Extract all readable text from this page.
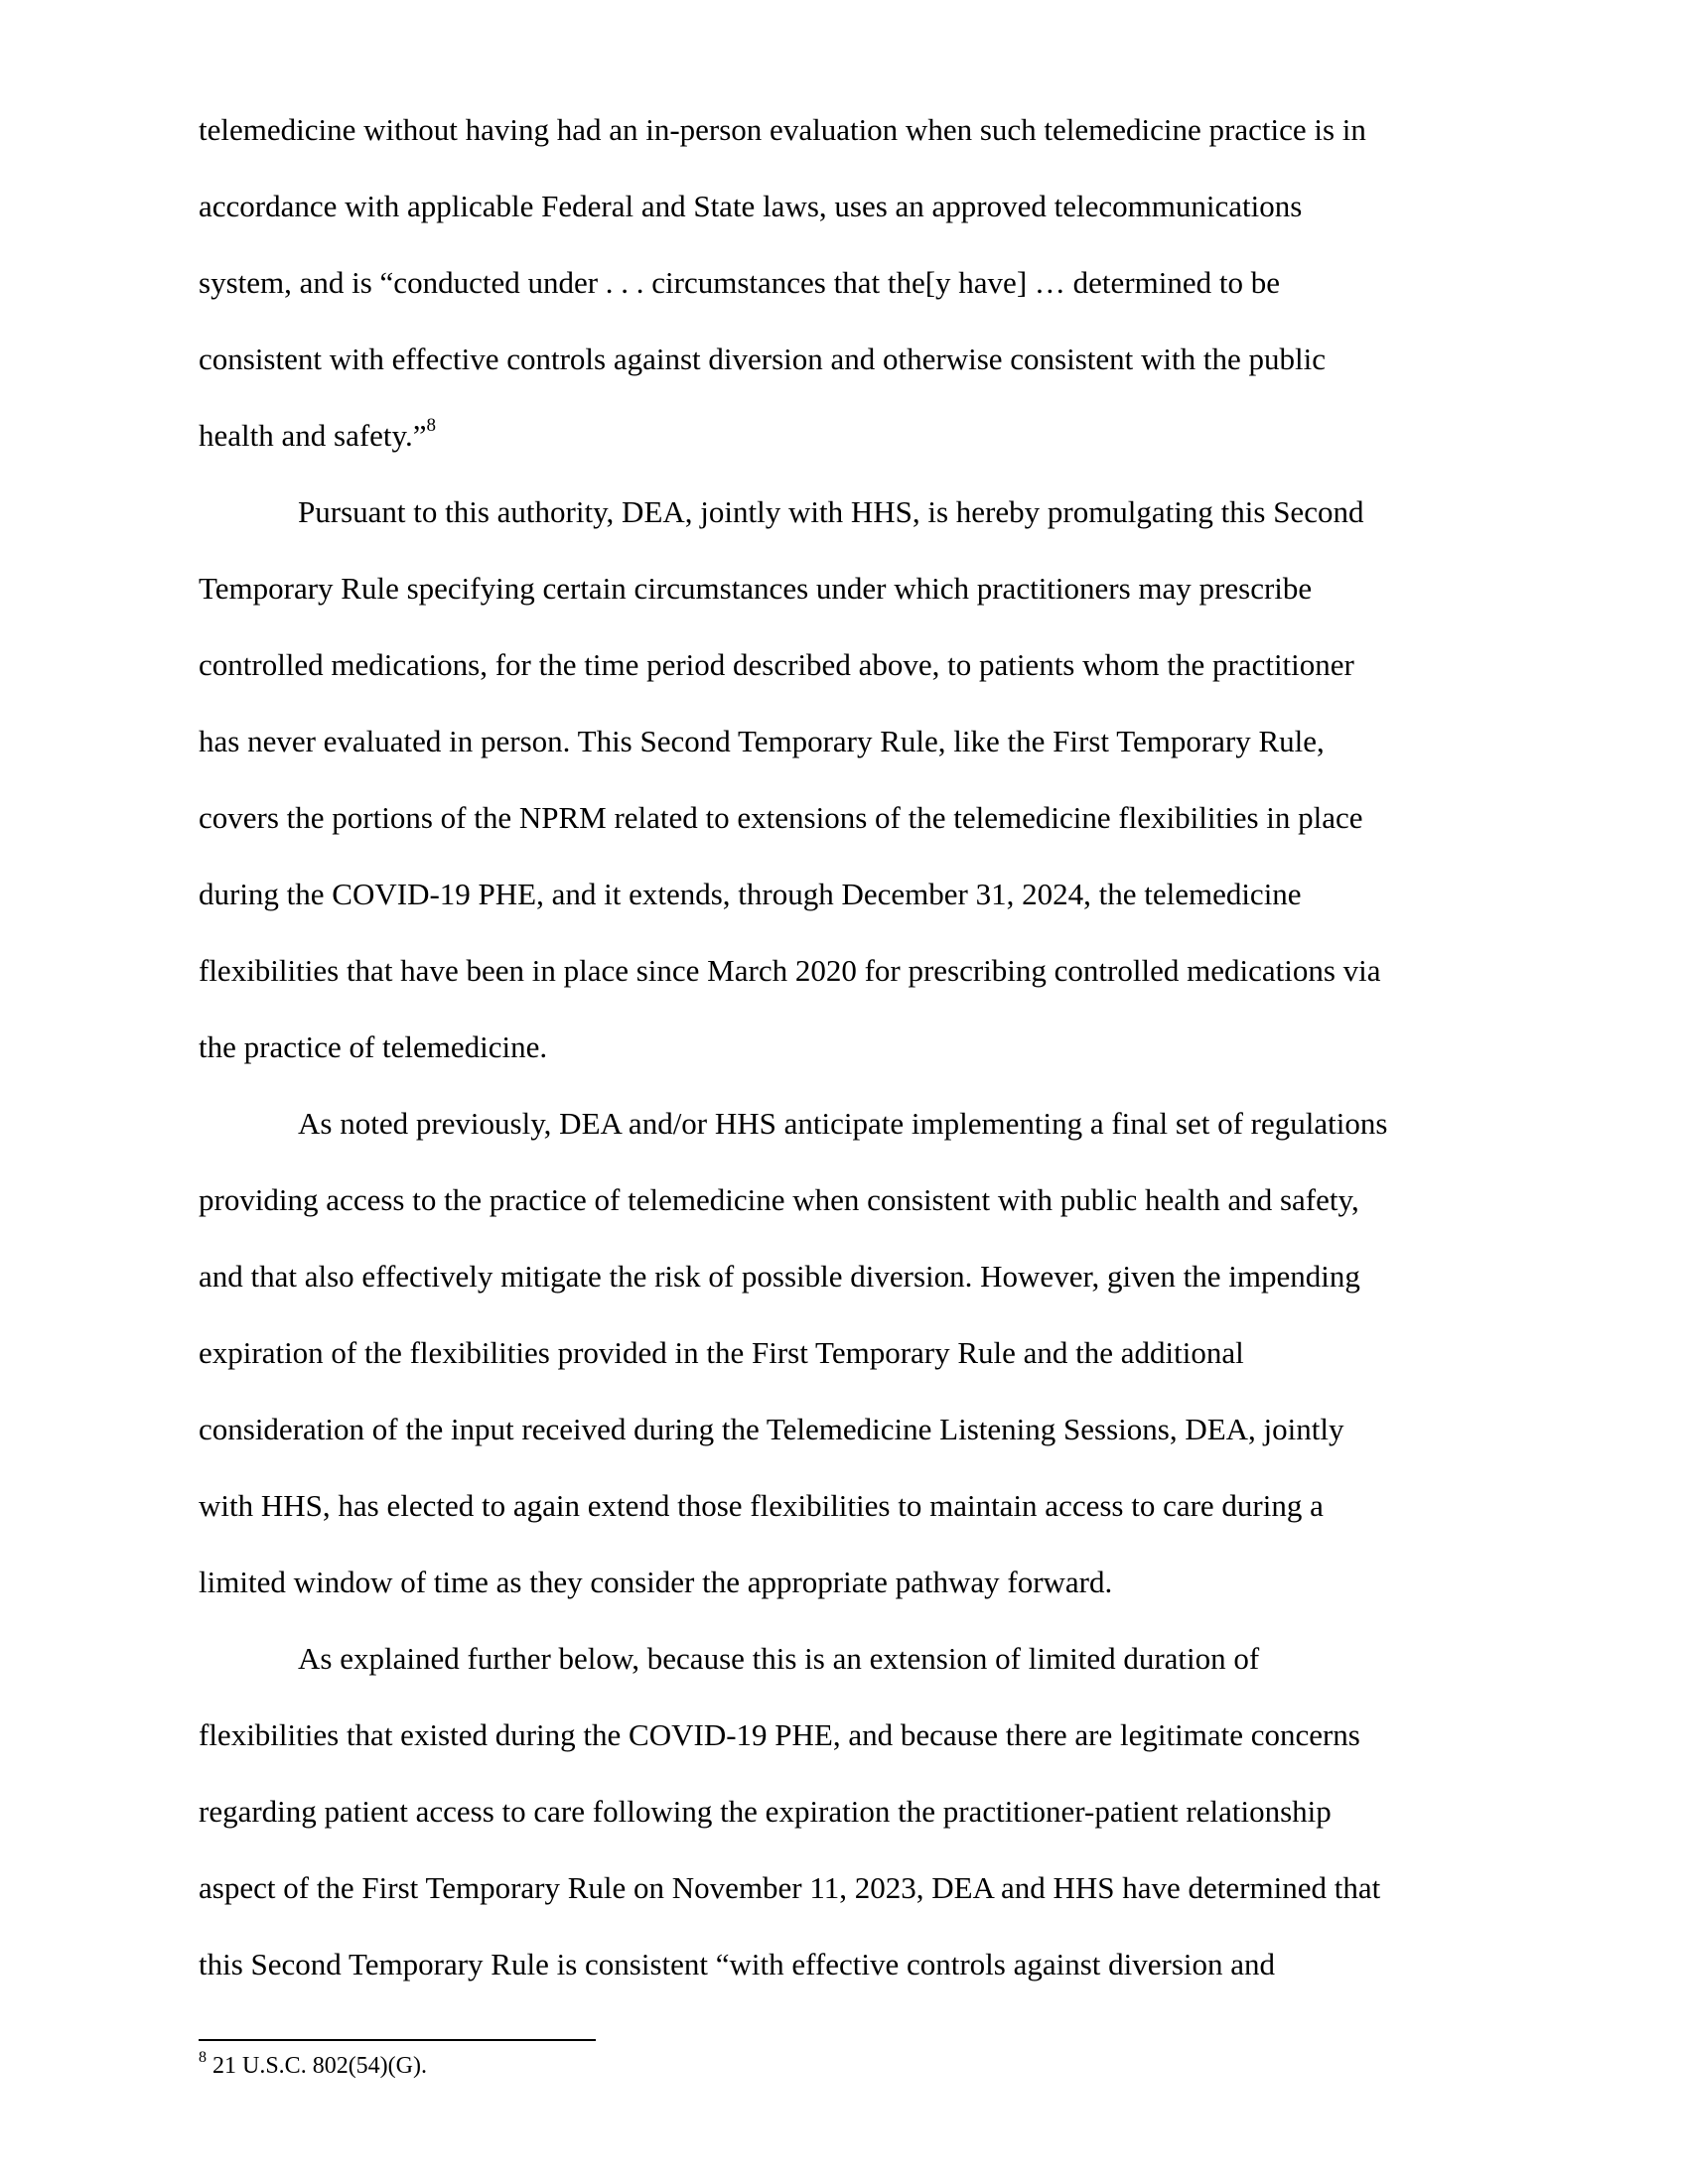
telemedicine without having had an in-person evaluation when such telemedicine practice is in

accordance with applicable Federal and State laws, uses an approved telecommunications

system, and is “conducted under . . . circumstances that the[y have] … determined to be

consistent with effective controls against diversion and otherwise consistent with the public

health and safety.”$^8$

Pursuant to this authority, DEA, jointly with HHS, is hereby promulgating this Second

Temporary Rule specifying certain circumstances under which practitioners may prescribe

controlled medications, for the time period described above, to patients whom the practitioner

has never evaluated in person. This Second Temporary Rule, like the First Temporary Rule,

covers the portions of the NPRM related to extensions of the telemedicine flexibilities in place

during the COVID-19 PHE, and it extends, through December 31, 2024, the telemedicine

flexibilities that have been in place since March 2020 for prescribing controlled medications via

the practice of telemedicine.

As noted previously, DEA and/or HHS anticipate implementing a final set of regulations

providing access to the practice of telemedicine when consistent with public health and safety,

and that also effectively mitigate the risk of possible diversion. However, given the impending

expiration of the flexibilities provided in the First Temporary Rule and the additional

consideration of the input received during the Telemedicine Listening Sessions, DEA, jointly

with HHS, has elected to again extend those flexibilities to maintain access to care during a

limited window of time as they consider the appropriate pathway forward.

As explained further below, because this is an extension of limited duration of

flexibilities that existed during the COVID-19 PHE, and because there are legitimate concerns

regarding patient access to care following the expiration the practitioner-patient relationship

aspect of the First Temporary Rule on November 11, 2023, DEA and HHS have determined that

this Second Temporary Rule is consistent “with effective controls against diversion and

$^8$ 21 U.S.C. 802(54)(G).
